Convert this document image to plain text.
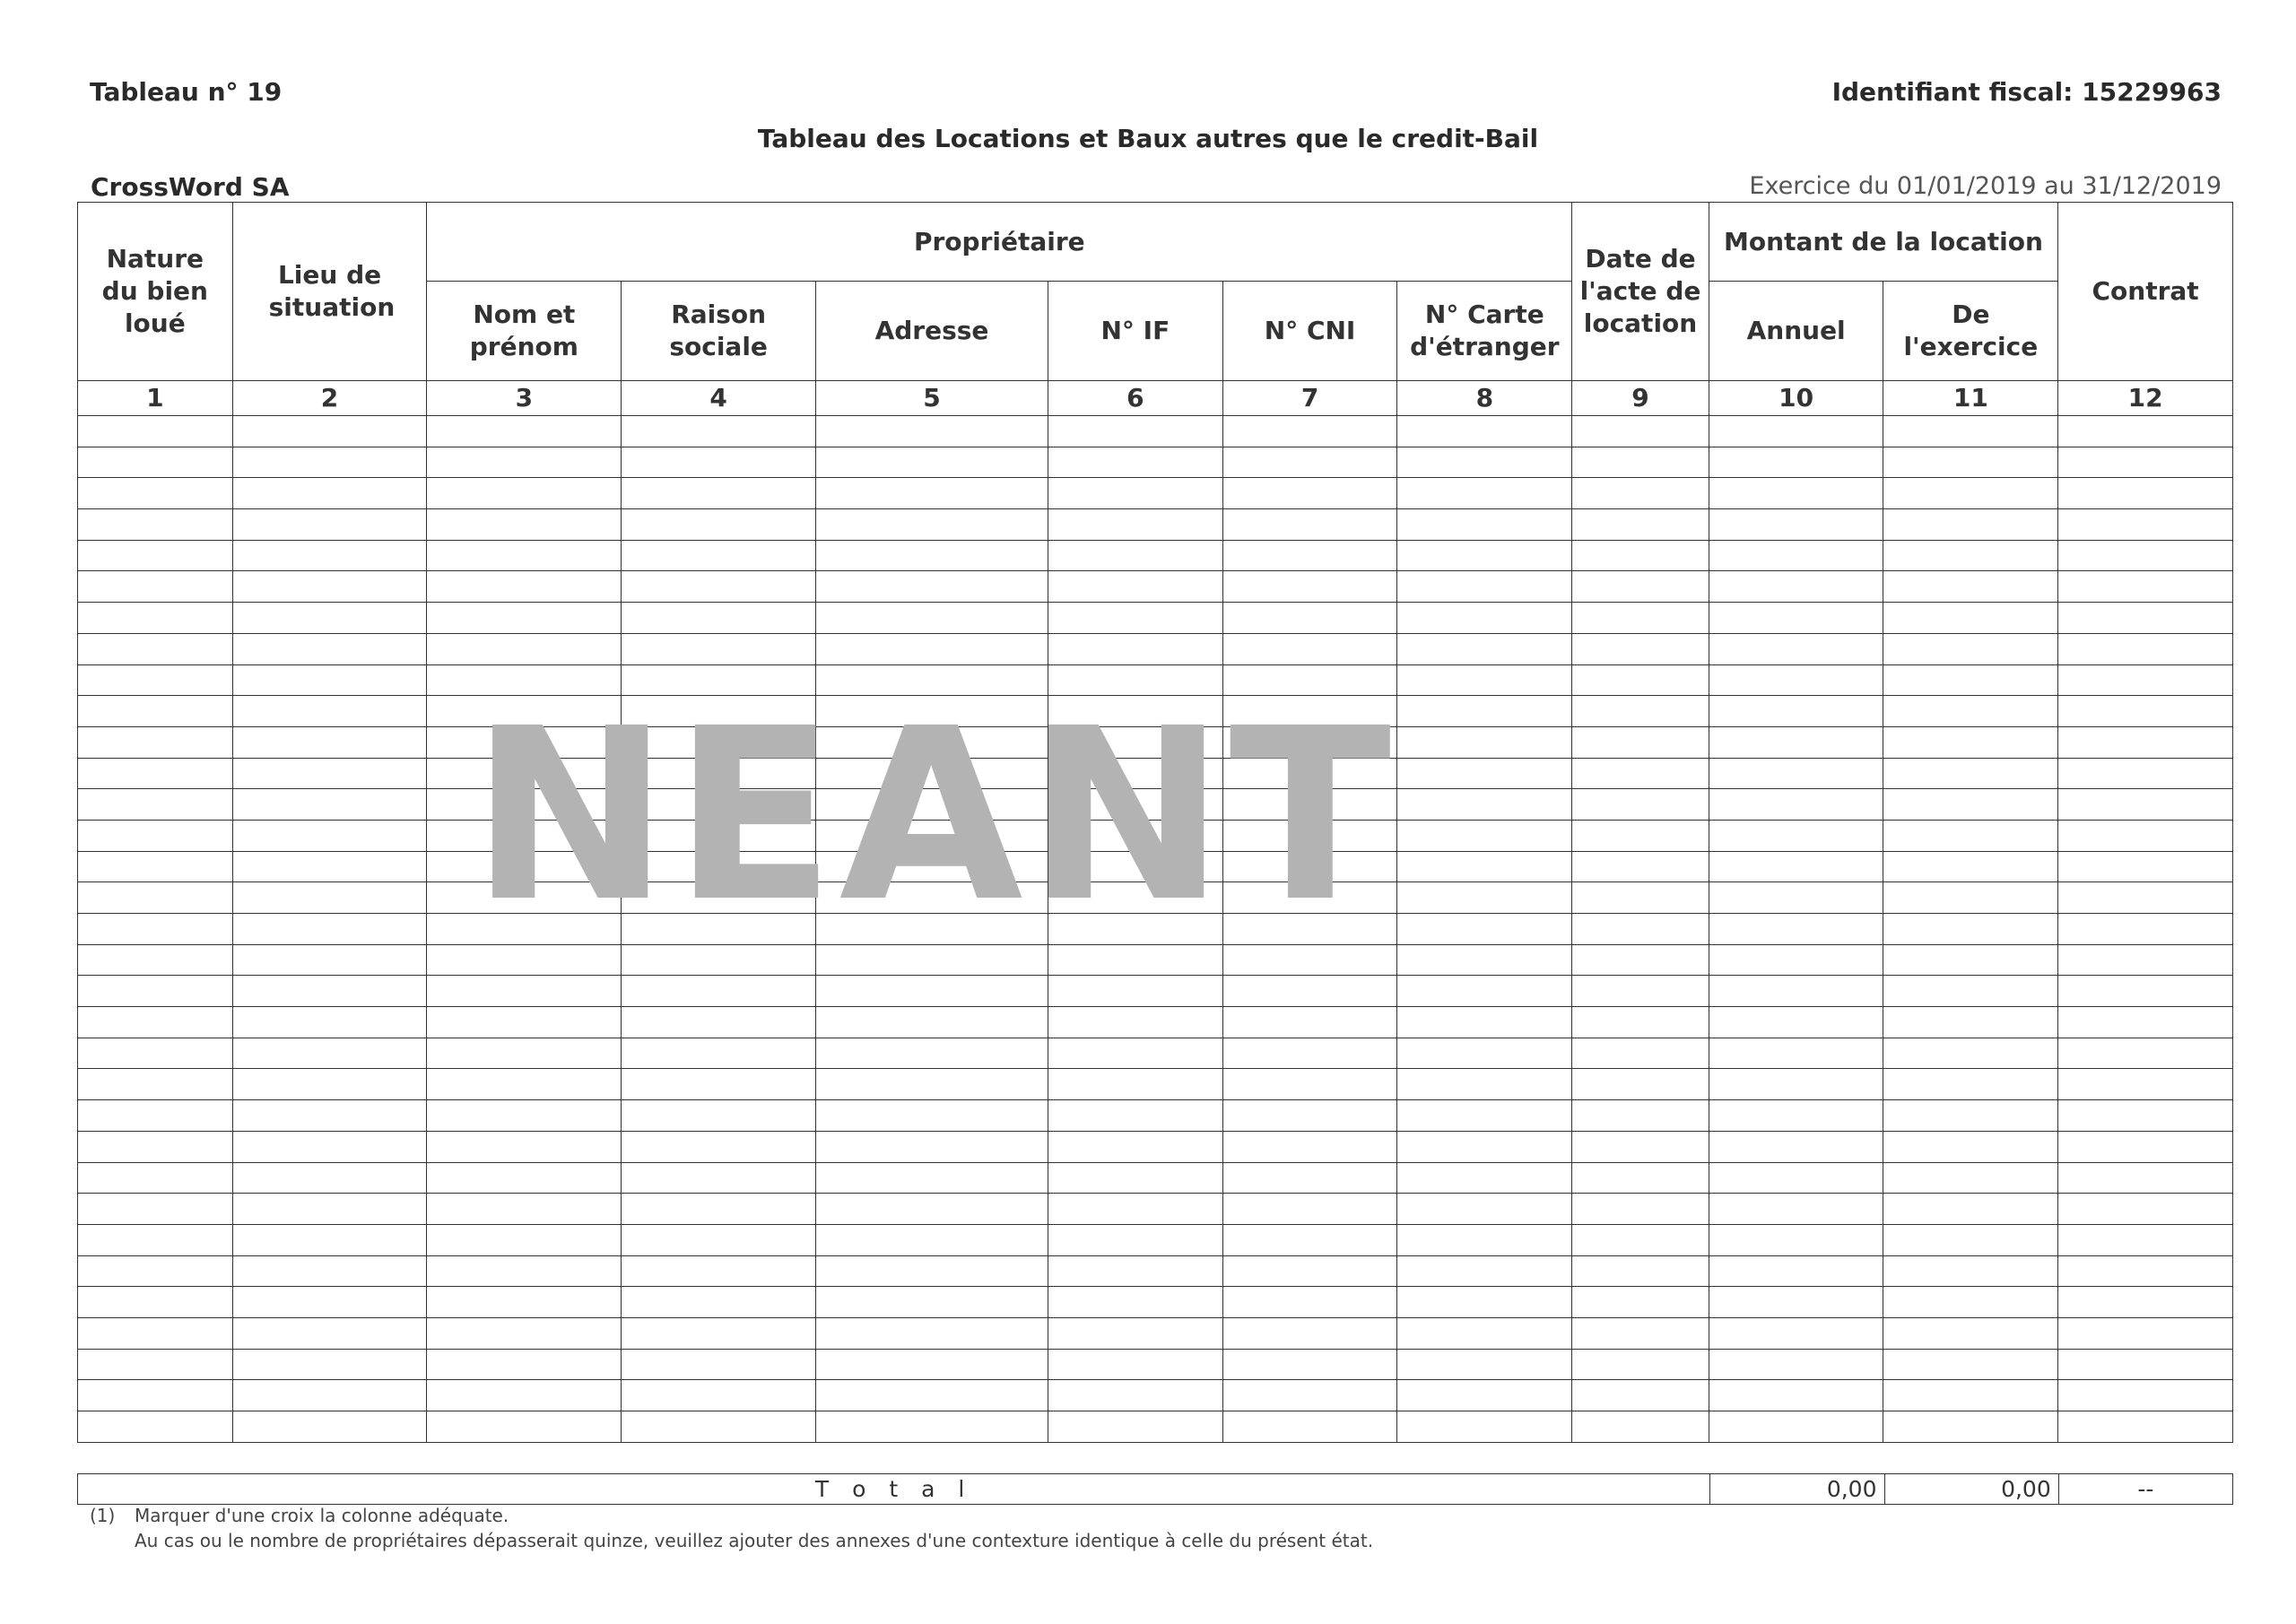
Tableau n° 19	Identifiant fiscal: 15229963
Tableau des Locations et Baux autres que le credit-Bail
CrossWord SA	Exercice du 01/01/2019 au 31/12/2019
Nature du bien loué	Lieu de situation	Propriétaire						Date de l'acte de location	Montant de la location		Contrat

		Nom et prénom	Raison sociale	Adresse	N° IF	N° CNI	N° Carte d'étranger		Annuel	De l'exercice	

1	2	3	4	5	6	7	8	9	10	11	12

NEANT
T o t a l	0,00	0,00	--
(1) Marquer d'une croix la colonne adéquate.
Au cas ou le nombre de propriétaires dépasserait quinze, veuillez ajouter des annexes d'une contexture identique à celle du présent état.
